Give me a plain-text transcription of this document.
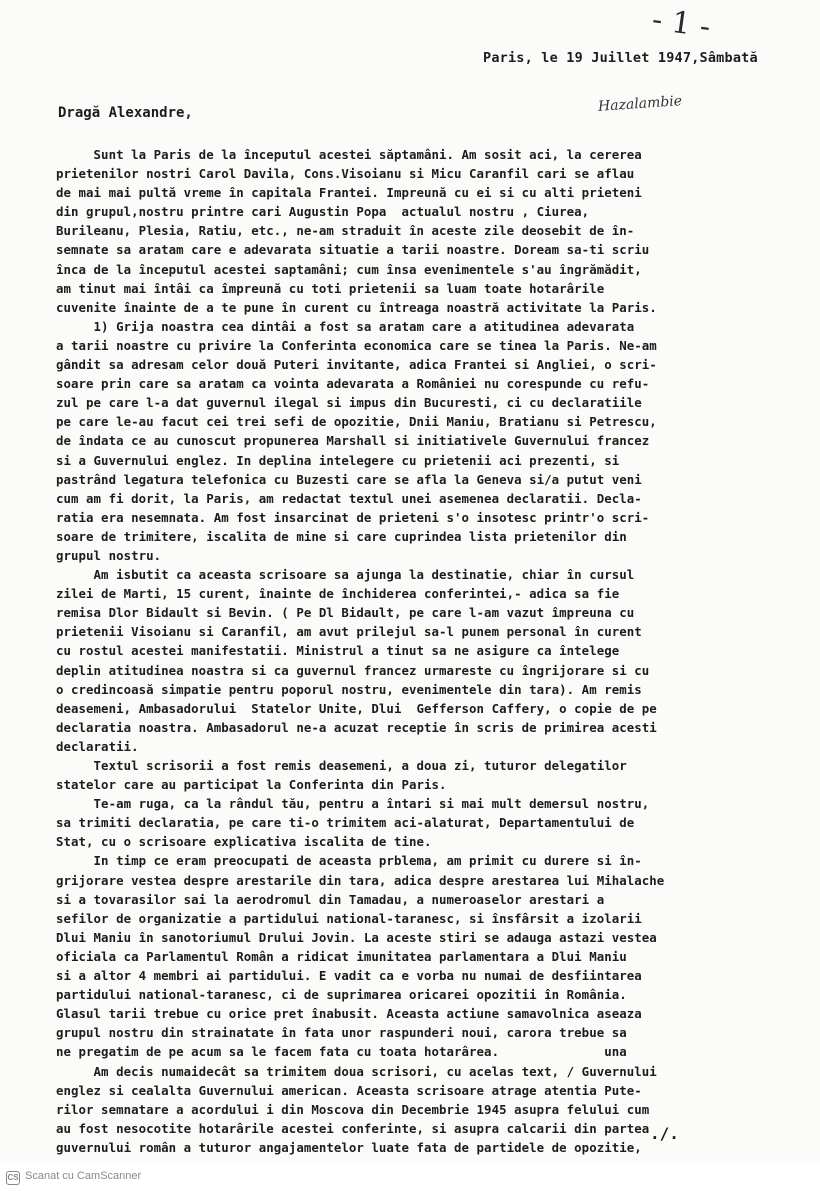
- 1 -
Paris, le 19 Juillet 1947,Sâmbată
Dragă Alexandre,	Hazalambie
Sunt la Paris de la începutul acestei săptamâni. Am sosit aci, la cererea
prietenilor nostri Carol Davila, Cons.Visoianu si Micu Caranfil cari se aflau
de mai mai pultă vreme în capitala Frantei. Impreună cu ei si cu alti prieteni
din grupul,nostru printre cari Augustin Popa  actualul nostru , Ciurea,
Burileanu, Plesia, Ratiu, etc., ne-am straduit în aceste zile deosebit de în-
semnate sa aratam care e adevarata situatie a tarii noastre. Doream sa-ti scriu
înca de la începutul acestei saptamâni; cum însa evenimentele s'au îngrămădit,
am tinut mai întâi ca împreună cu toti prietenii sa luam toate hotarârile
cuvenite înainte de a te pune în curent cu întreaga noastră activitate la Paris.
1) Grija noastra cea dintâi a fost sa aratam care a atitudinea adevarata
a tarii noastre cu privire la Conferinta economica care se tinea la Paris. Ne-am
gândit sa adresam celor două Puteri invitante, adica Frantei si Angliei, o scri-
soare prin care sa aratam ca vointa adevarata a României nu corespunde cu refu-
zul pe care l-a dat guvernul ilegal si impus din Bucuresti, ci cu declaratiile
pe care le-au facut cei trei sefi de opozitie, Dnii Maniu, Bratianu si Petrescu,
de îndata ce au cunoscut propunerea Marshall si initiativele Guvernului francez
si a Guvernului englez. In deplina intelegere cu prietenii aci prezenti, si
pastrând legatura telefonica cu Buzesti care se afla la Geneva si/a putut veni
cum am fi dorit, la Paris, am redactat textul unei asemenea declaratii. Decla-
ratia era nesemnata. Am fost insarcinat de prieteni s'o insotesc printr'o scri-
soare de trimitere, iscalita de mine si care cuprindea lista prietenilor din
grupul nostru.
Am isbutit ca aceasta scrisoare sa ajunga la destinatie, chiar în cursul
zilei de Marti, 15 curent, înainte de închiderea conferintei,- adica sa fie
remisa Dlor Bidault si Bevin. ( Pe Dl Bidault, pe care l-am vazut împreuna cu
prietenii Visoianu si Caranfil, am avut prilejul sa-l punem personal în curent
cu rostul acestei manifestatii. Ministrul a tinut sa ne asigure ca întelege
deplin atitudinea noastra si ca guvernul francez urmareste cu îngrijorare si cu
o credincoasă simpatie pentru poporul nostru, evenimentele din tara). Am remis
deasemeni, Ambasadorului  Statelor Unite, Dlui  Gefferson Caffery, o copie de pe
declaratia noastra. Ambasadorul ne-a acuzat receptie în scris de primirea acesti
declaratii.
Textul scrisorii a fost remis deasemeni, a doua zi, tuturor delegatilor
statelor care au participat la Conferinta din Paris.
Te-am ruga, ca la rândul tău, pentru a întari si mai mult demersul nostru,
sa trimiti declaratia, pe care ti-o trimitem aci-alaturat, Departamentului de
Stat, cu o scrisoare explicativa iscalita de tine.
In timp ce eram preocupati de aceasta prblema, am primit cu durere si în-
grijorare vestea despre arestarile din tara, adica despre arestarea lui Mihalache
si a tovarasilor sai la aerodromul din Tamadau, a numeroaselor arestari a
sefilor de organizatie a partidului national-taranesc, si însfârsit a izolarii
Dlui Maniu în sanotoriumul Drului Jovin. La aceste stiri se adauga astazi vestea
oficiala ca Parlamentul Român a ridicat imunitatea parlamentara a Dlui Maniu
si a altor 4 membri ai partidului. E vadit ca e vorba nu numai de desfiintarea
partidului national-taranesc, ci de suprimarea oricarei opozitii în România.
Glasul tarii trebue cu orice pret înabusit. Aceasta actiune samavolnica aseaza
grupul nostru din strainatate în fata unor raspunderi noui, carora trebue sa
ne pregatim de pe acum sa le facem fata cu toata hotarârea.              una
Am decis numaidecât sa trimitem doua scrisori, cu acelas text, / Guvernului
englez si cealalta Guvernului american. Aceasta scrisoare atrage atentia Pute-
rilor semnatare a acordului i din Moscova din Decembrie 1945 asupra felului cum
au fost nesocotite hotarârile acestei conferinte, si asupra calcarii din partea
guvernului român a tuturor angajamentelor luate fata de partidele de opozitie,
./.
CS Scanat cu CamScanner
